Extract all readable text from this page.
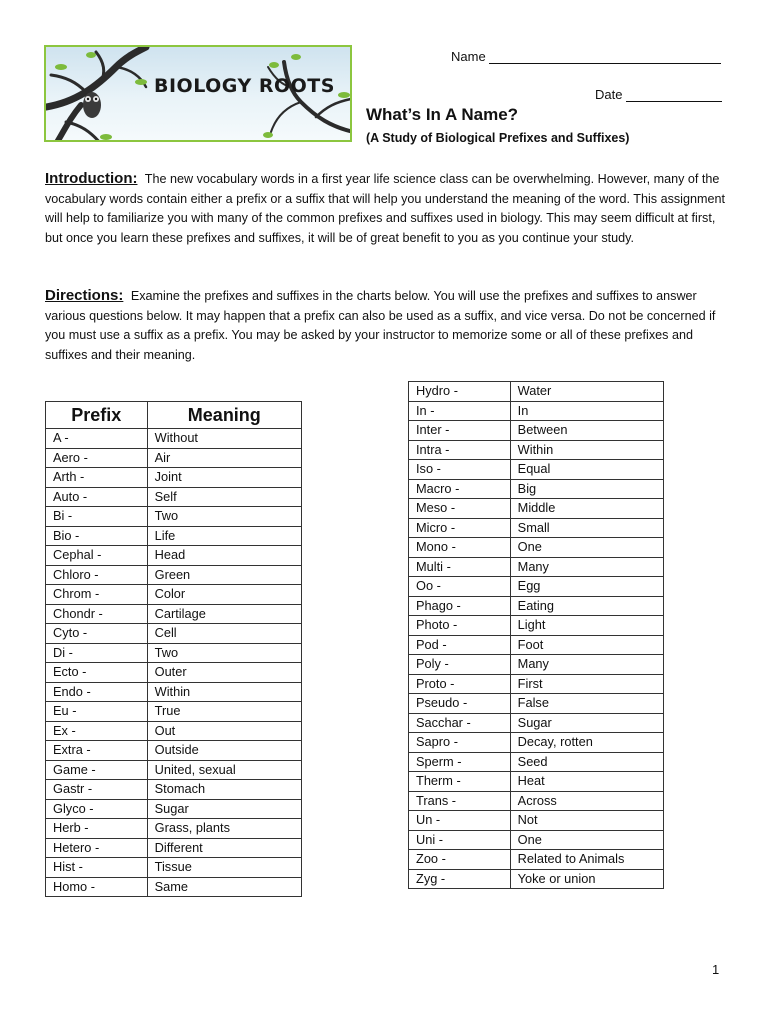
BIOLOGY ROOTS
Name
Date
What’s In A Name?
(A Study of Biological Prefixes and Suffixes)
Introduction: The new vocabulary words in a first year life science class can be overwhelming. However, many of the vocabulary words contain either a prefix or a suffix that will help you understand the meaning of the word. This assignment will help to familiarize you with many of the common prefixes and suffixes used in biology. This may seem difficult at first, but once you learn these prefixes and suffixes, it will be of great benefit to you as you continue your study.
Directions: Examine the prefixes and suffixes in the charts below. You will use the prefixes and suffixes to answer various questions below. It may happen that a prefix can also be used as a suffix, and vice versa. Do not be concerned if you must use a suffix as a prefix. You may be asked by your instructor to memorize some or all of these prefixes and suffixes and their meaning.
Prefix	Meaning
A -	Without
Aero -	Air
Arth -	Joint
Auto -	Self
Bi -	Two
Bio -	Life
Cephal -	Head
Chloro -	Green
Chrom -	Color
Chondr -	Cartilage
Cyto -	Cell
Di -	Two
Ecto -	Outer
Endo -	Within
Eu -	True
Ex -	Out
Extra -	Outside
Game -	United, sexual
Gastr -	Stomach
Glyco -	Sugar
Herb -	Grass, plants
Hetero -	Different
Hist -	Tissue
Homo -	Same
Hydro -	Water
In -	In
Inter -	Between
Intra -	Within
Iso -	Equal
Macro -	Big
Meso -	Middle
Micro -	Small
Mono -	One
Multi -	Many
Oo -	Egg
Phago -	Eating
Photo -	Light
Pod -	Foot
Poly -	Many
Proto -	First
Pseudo -	False
Sacchar -	Sugar
Sapro -	Decay, rotten
Sperm -	Seed
Therm -	Heat
Trans -	Across
Un -	Not
Uni -	One
Zoo -	Related to Animals
Zyg -	Yoke or union
1
